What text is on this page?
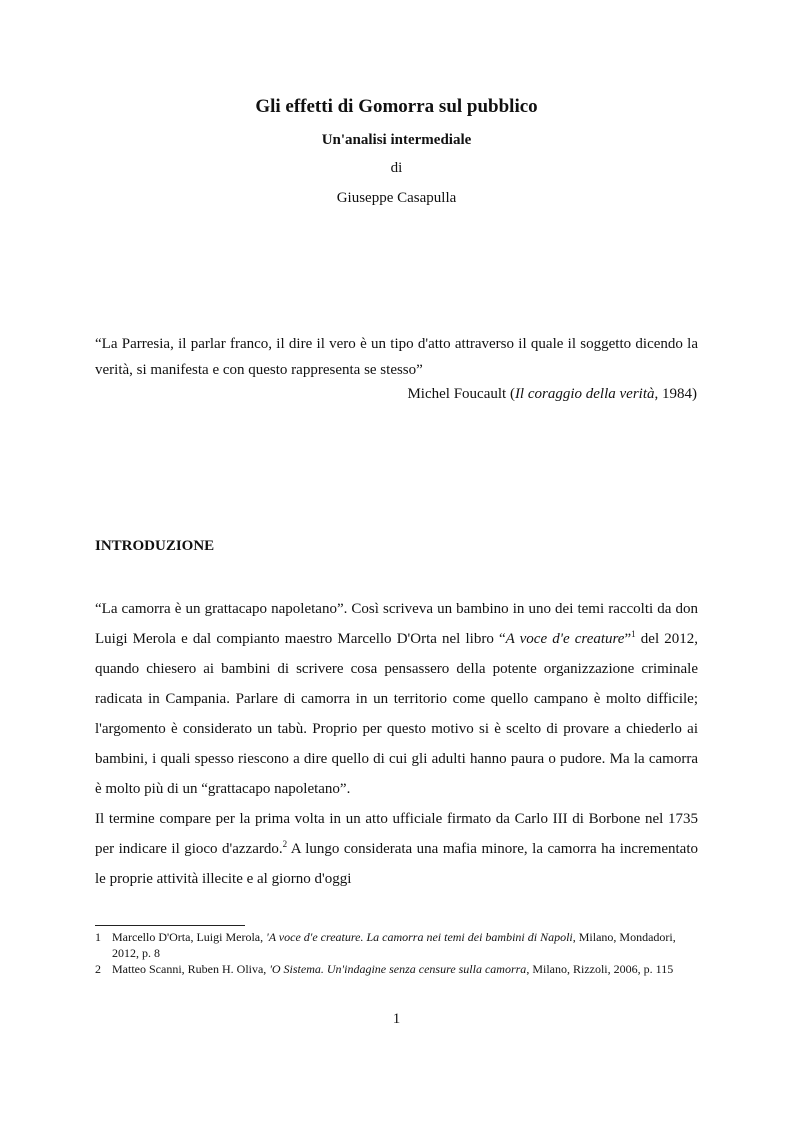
Gli effetti di Gomorra sul pubblico
Un'analisi intermediale
di
Giuseppe Casapulla
“La Parresia, il parlar franco, il dire il vero è un tipo d'atto attraverso il quale il soggetto dicendo la verità, si manifesta e con questo rappresenta se stesso”
Michel Foucault (Il coraggio della verità, 1984)
INTRODUZIONE

“La camorra è un grattacapo napoletano”. Così scriveva un bambino in uno dei temi raccolti da don Luigi Merola e dal compianto maestro Marcello D'Orta nel libro “A voce d'e creature”$^1$ del 2012, quando chiesero ai bambini di scrivere cosa pensassero della potente organizzazione criminale radicata in Campania. Parlare di camorra in un territorio come quello campano è molto difficile; l'argomento è considerato un tabù. Proprio per questo motivo si è scelto di provare a chiederlo ai bambini, i quali spesso riescono a dire quello di cui gli adulti hanno paura o pudore. Ma la camorra è molto più di un “grattacapo napoletano”.

Il termine compare per la prima volta in un atto ufficiale firmato da Carlo III di Borbone nel 1735 per indicare il gioco d'azzardo.$^2$ A lungo considerata una mafia minore, la camorra ha incrementato le proprie attività illecite e al giorno d'oggi

1 Marcello D'Orta, Luigi Merola, 'A voce d'e creature. La camorra nei temi dei bambini di Napoli, Milano, Mondadori, 2012, p. 8
2 Matteo Scanni, Ruben H. Oliva, 'O Sistema. Un'indagine senza censure sulla camorra, Milano, Rizzoli, 2006, p. 115
1
